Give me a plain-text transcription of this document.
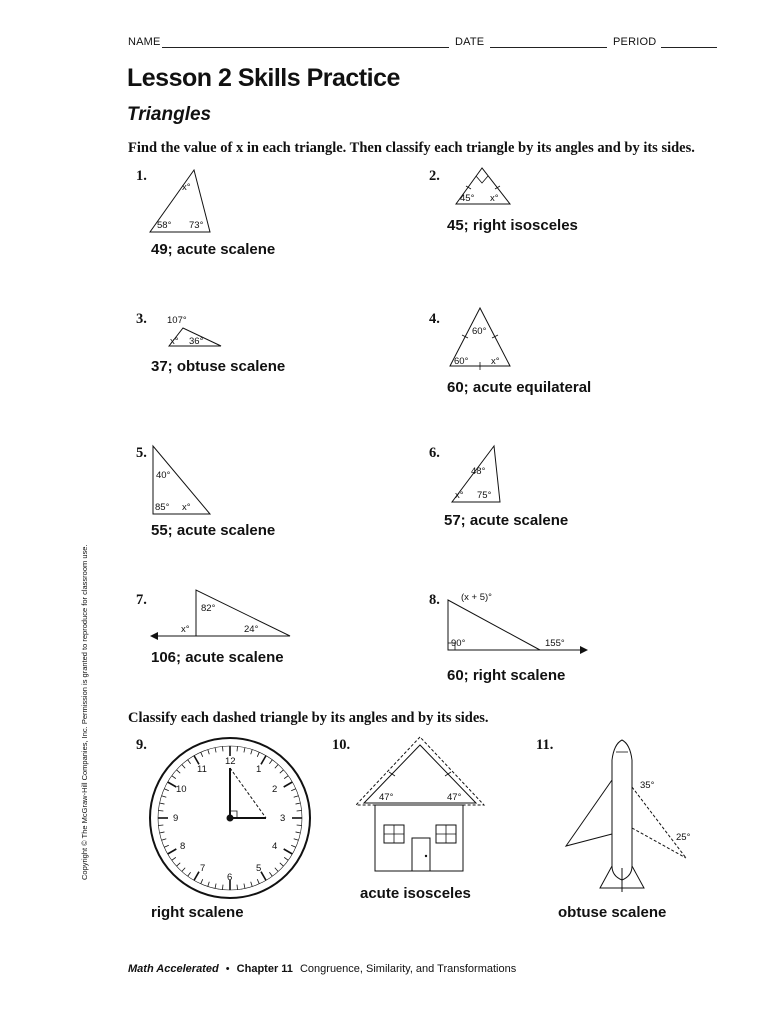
NAME	DATE	PERIOD
Lesson 2 Skills Practice
Triangles
Find the value of x in each triangle. Then classify each triangle by its angles and by its sides.
1.
x°
58° 73°
49; acute scalene
2.
45° x°
45; right isosceles
3. 107°
x° 36°
37; obtuse scalene
4.
60°
60° x°
60; acute equilateral
5.
40°
85° x°
55; acute scalene
6.
48°
x° 75°
57; acute scalene
7.
82°
x°	24°
106; acute scalene
8. (x + 5)°
90°	155°
60; right scalene
Classify each dashed triangle by its angles and by its sides.
9.
12
1
2
3
4
5
6
7
8
9
10
11
right scalene
10.
47°	47°
acute isosceles
11.
35°
25°
obtuse scalene
Copyright © The McGraw-Hill Companies, Inc. Permission is granted to reproduce for classroom use.
Math Accelerated • Chapter 11 Congruence, Similarity, and Transformations
